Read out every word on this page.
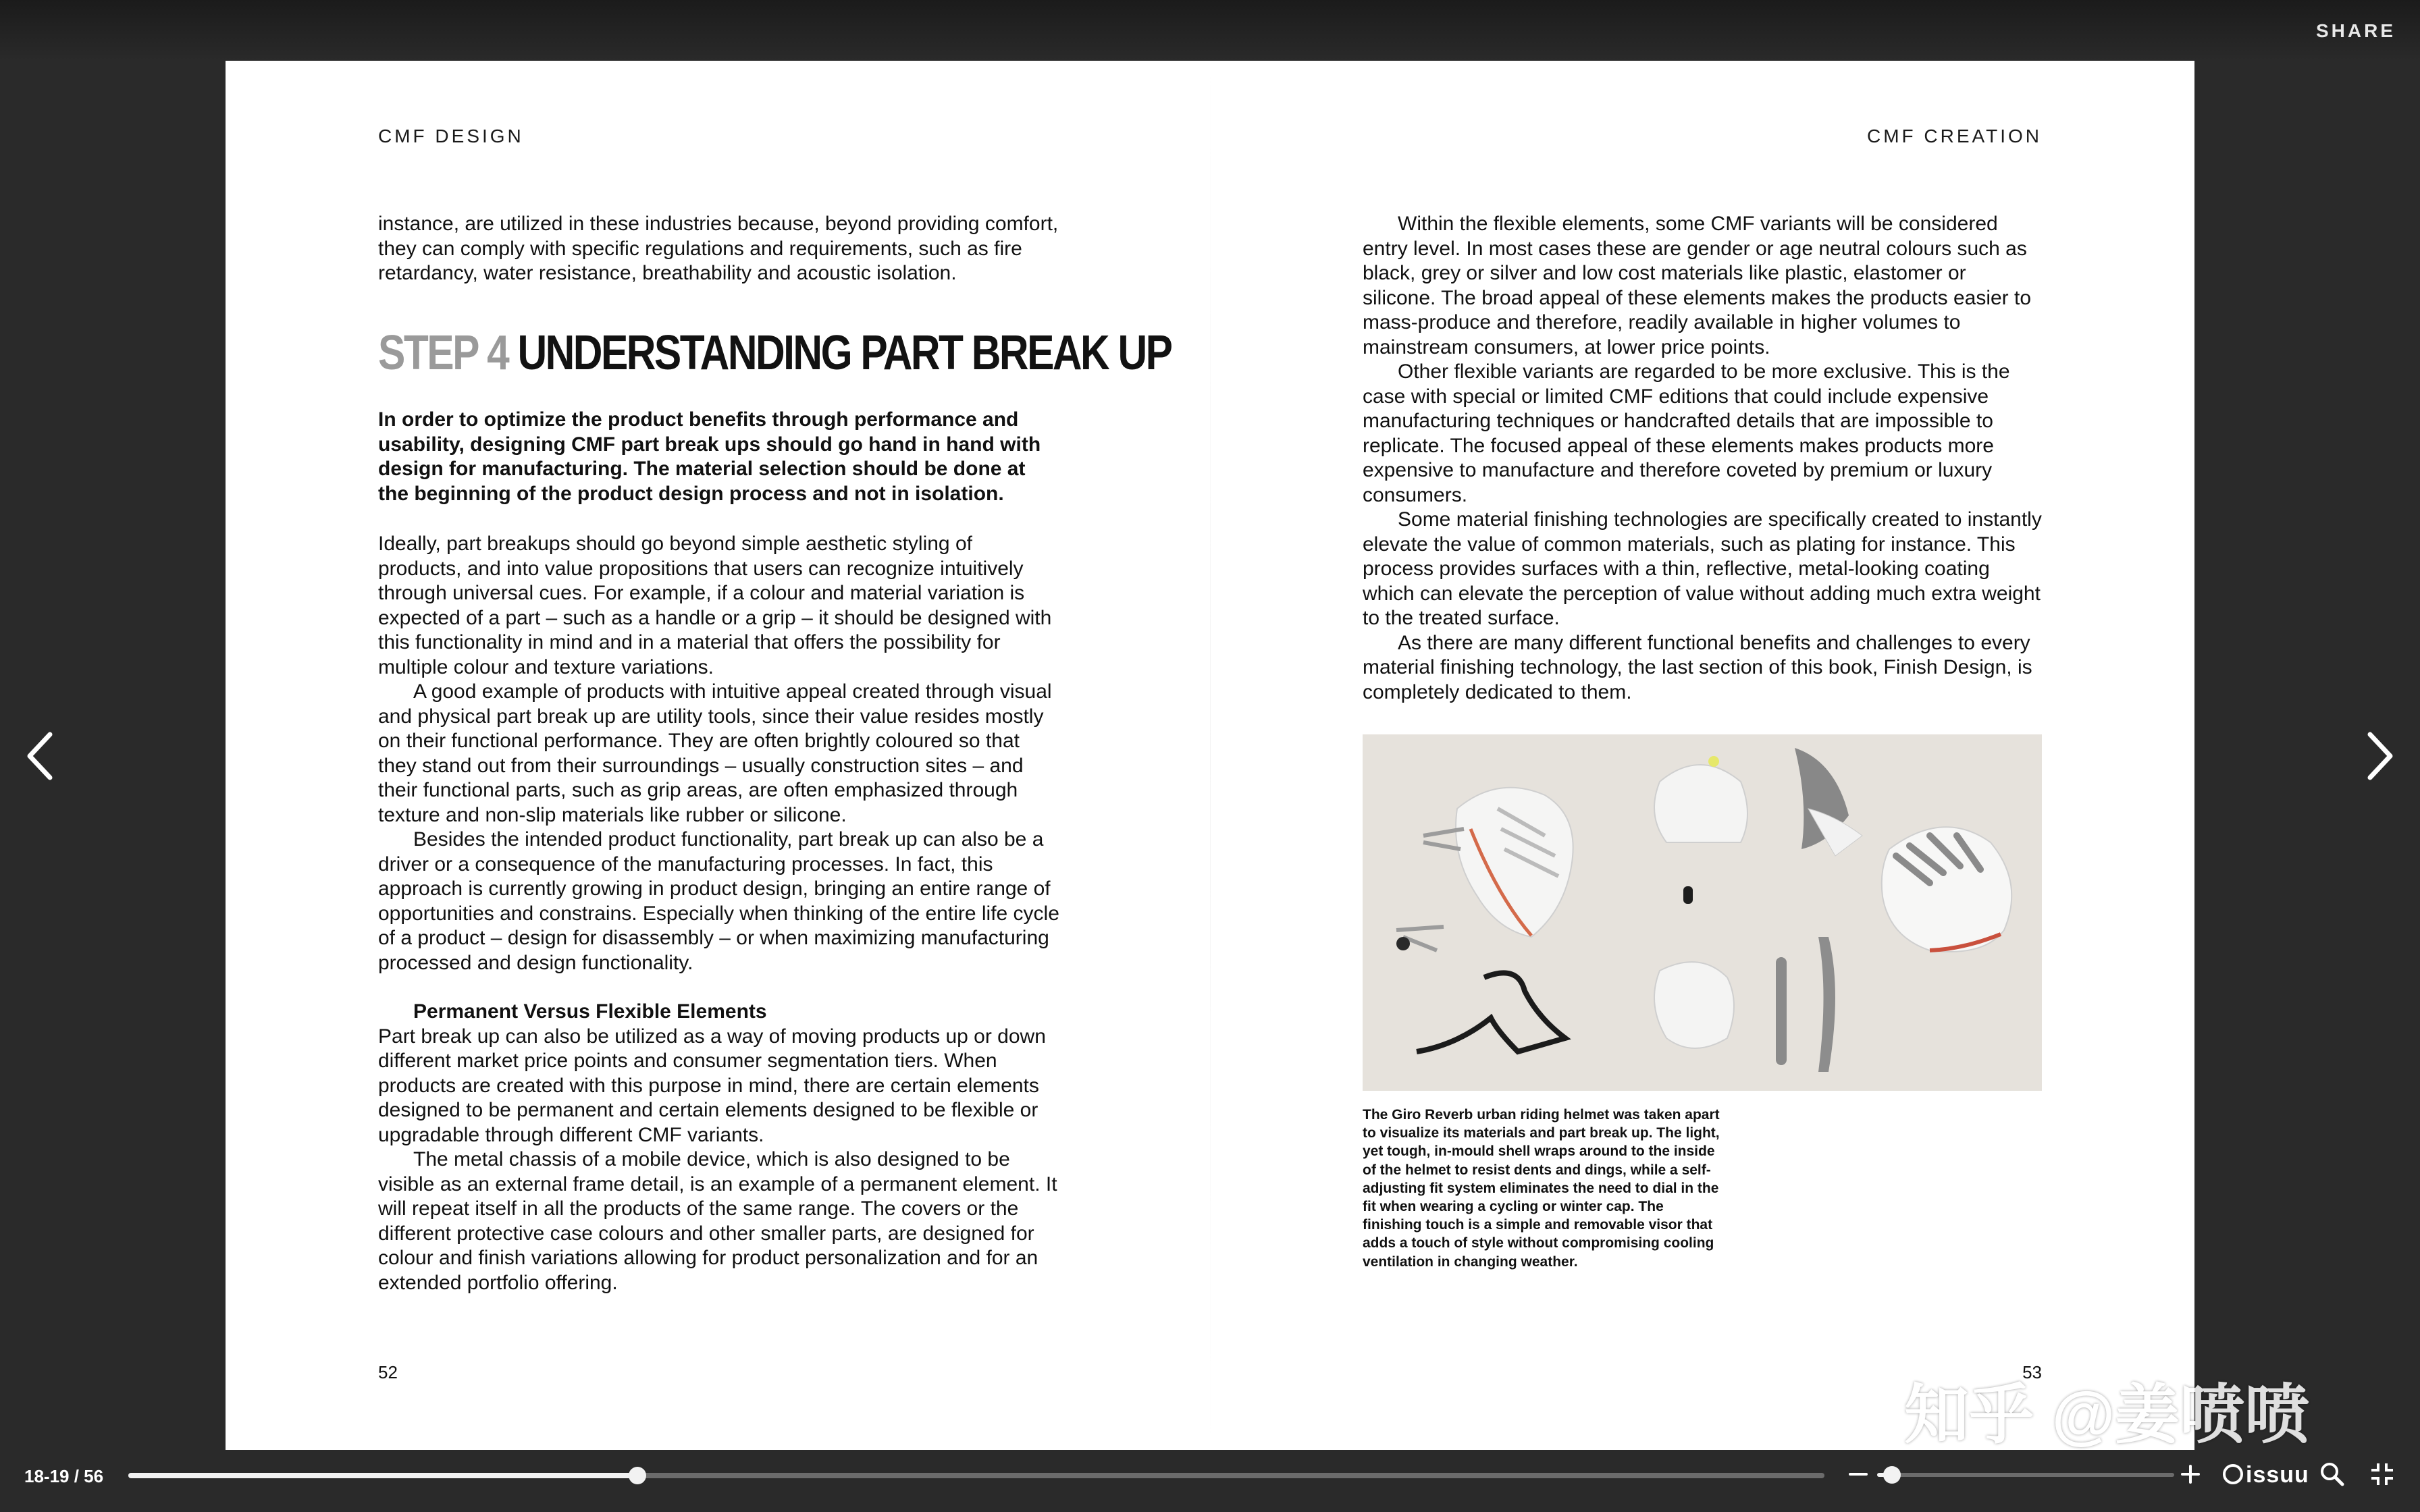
SHARE
CMF DESIGN

instance, are utilized in these industries because, beyond providing comfort, they can comply with specific regulations and requirements, such as fire retardancy, water resistance, breathability and acoustic isolation.

STEP 4 UNDERSTANDING PART BREAK UP
In order to optimize the product benefits through performance and usability, designing CMF part break ups should go hand in hand with design for manufacturing. The material selection should be done at the beginning of the product design process and not in isolation.

Ideally, part breakups should go beyond simple aesthetic styling of products, and into value propositions that users can recognize intuitively through universal cues. For example, if a colour and material variation is expected of a part – such as a handle or a grip – it should be designed with this functionality in mind and in a material that offers the possibility for multiple colour and texture variations.

A good example of products with intuitive appeal created through visual and physical part break up are utility tools, since their value resides mostly on their functional performance. They are often brightly coloured so that they stand out from their surroundings – usually construction sites – and their functional parts, such as grip areas, are often emphasized through texture and non-slip materials like rubber or silicone.

Besides the intended product functionality, part break up can also be a driver or a consequence of the manufacturing processes. In fact, this approach is currently growing in product design, bringing an entire range of opportunities and constrains. Especially when thinking of the entire life cycle of a product – design for disassembly – or when maximizing manufacturing processed and design functionality.

Permanent Versus Flexible Elements

Part break up can also be utilized as a way of moving products up or down different market price points and consumer segmentation tiers. When products are created with this purpose in mind, there are certain elements designed to be permanent and certain elements designed to be flexible or upgradable through different CMF variants.

The metal chassis of a mobile device, which is also designed to be visible as an external frame detail, is an example of a permanent element. It will repeat itself in all the products of the same range. The covers or the different protective case colours and other smaller parts, are designed for colour and finish variations allowing for product personalization and for an extended portfolio offering.

52
CMF CREATION

Within the flexible elements, some CMF variants will be considered entry level. In most cases these are gender or age neutral colours such as black, grey or silver and low cost materials like plastic, elastomer or silicone. The broad appeal of these elements makes the products easier to mass-produce and therefore, readily available in higher volumes to mainstream consumers, at lower price points.

Other flexible variants are regarded to be more exclusive. This is the case with special or limited CMF editions that could include expensive manufacturing techniques or handcrafted details that are impossible to replicate. The focused appeal of these elements makes products more expensive to manufacture and therefore coveted by premium or luxury consumers.

Some material finishing technologies are specifically created to instantly elevate the value of common materials, such as plating for instance. This process provides surfaces with a thin, reflective, metal-looking coating which can elevate the perception of value without adding much extra weight to the treated surface.

As there are many different functional benefits and challenges to every material finishing technology, the last section of this book, Finish Design, is completely dedicated to them.

53
The Giro Reverb urban riding helmet was taken apart to visualize its materials and part break up. The light, yet tough, in-mould shell wraps around to the inside of the helmet to resist dents and dings, while a self-adjusting fit system eliminates the need to dial in the fit when wearing a cycling or winter cap. The finishing touch is a simple and removable visor that adds a touch of style without compromising cooling ventilation in changing weather.
18-19 / 56	issuu
知乎 @姜喷喷
